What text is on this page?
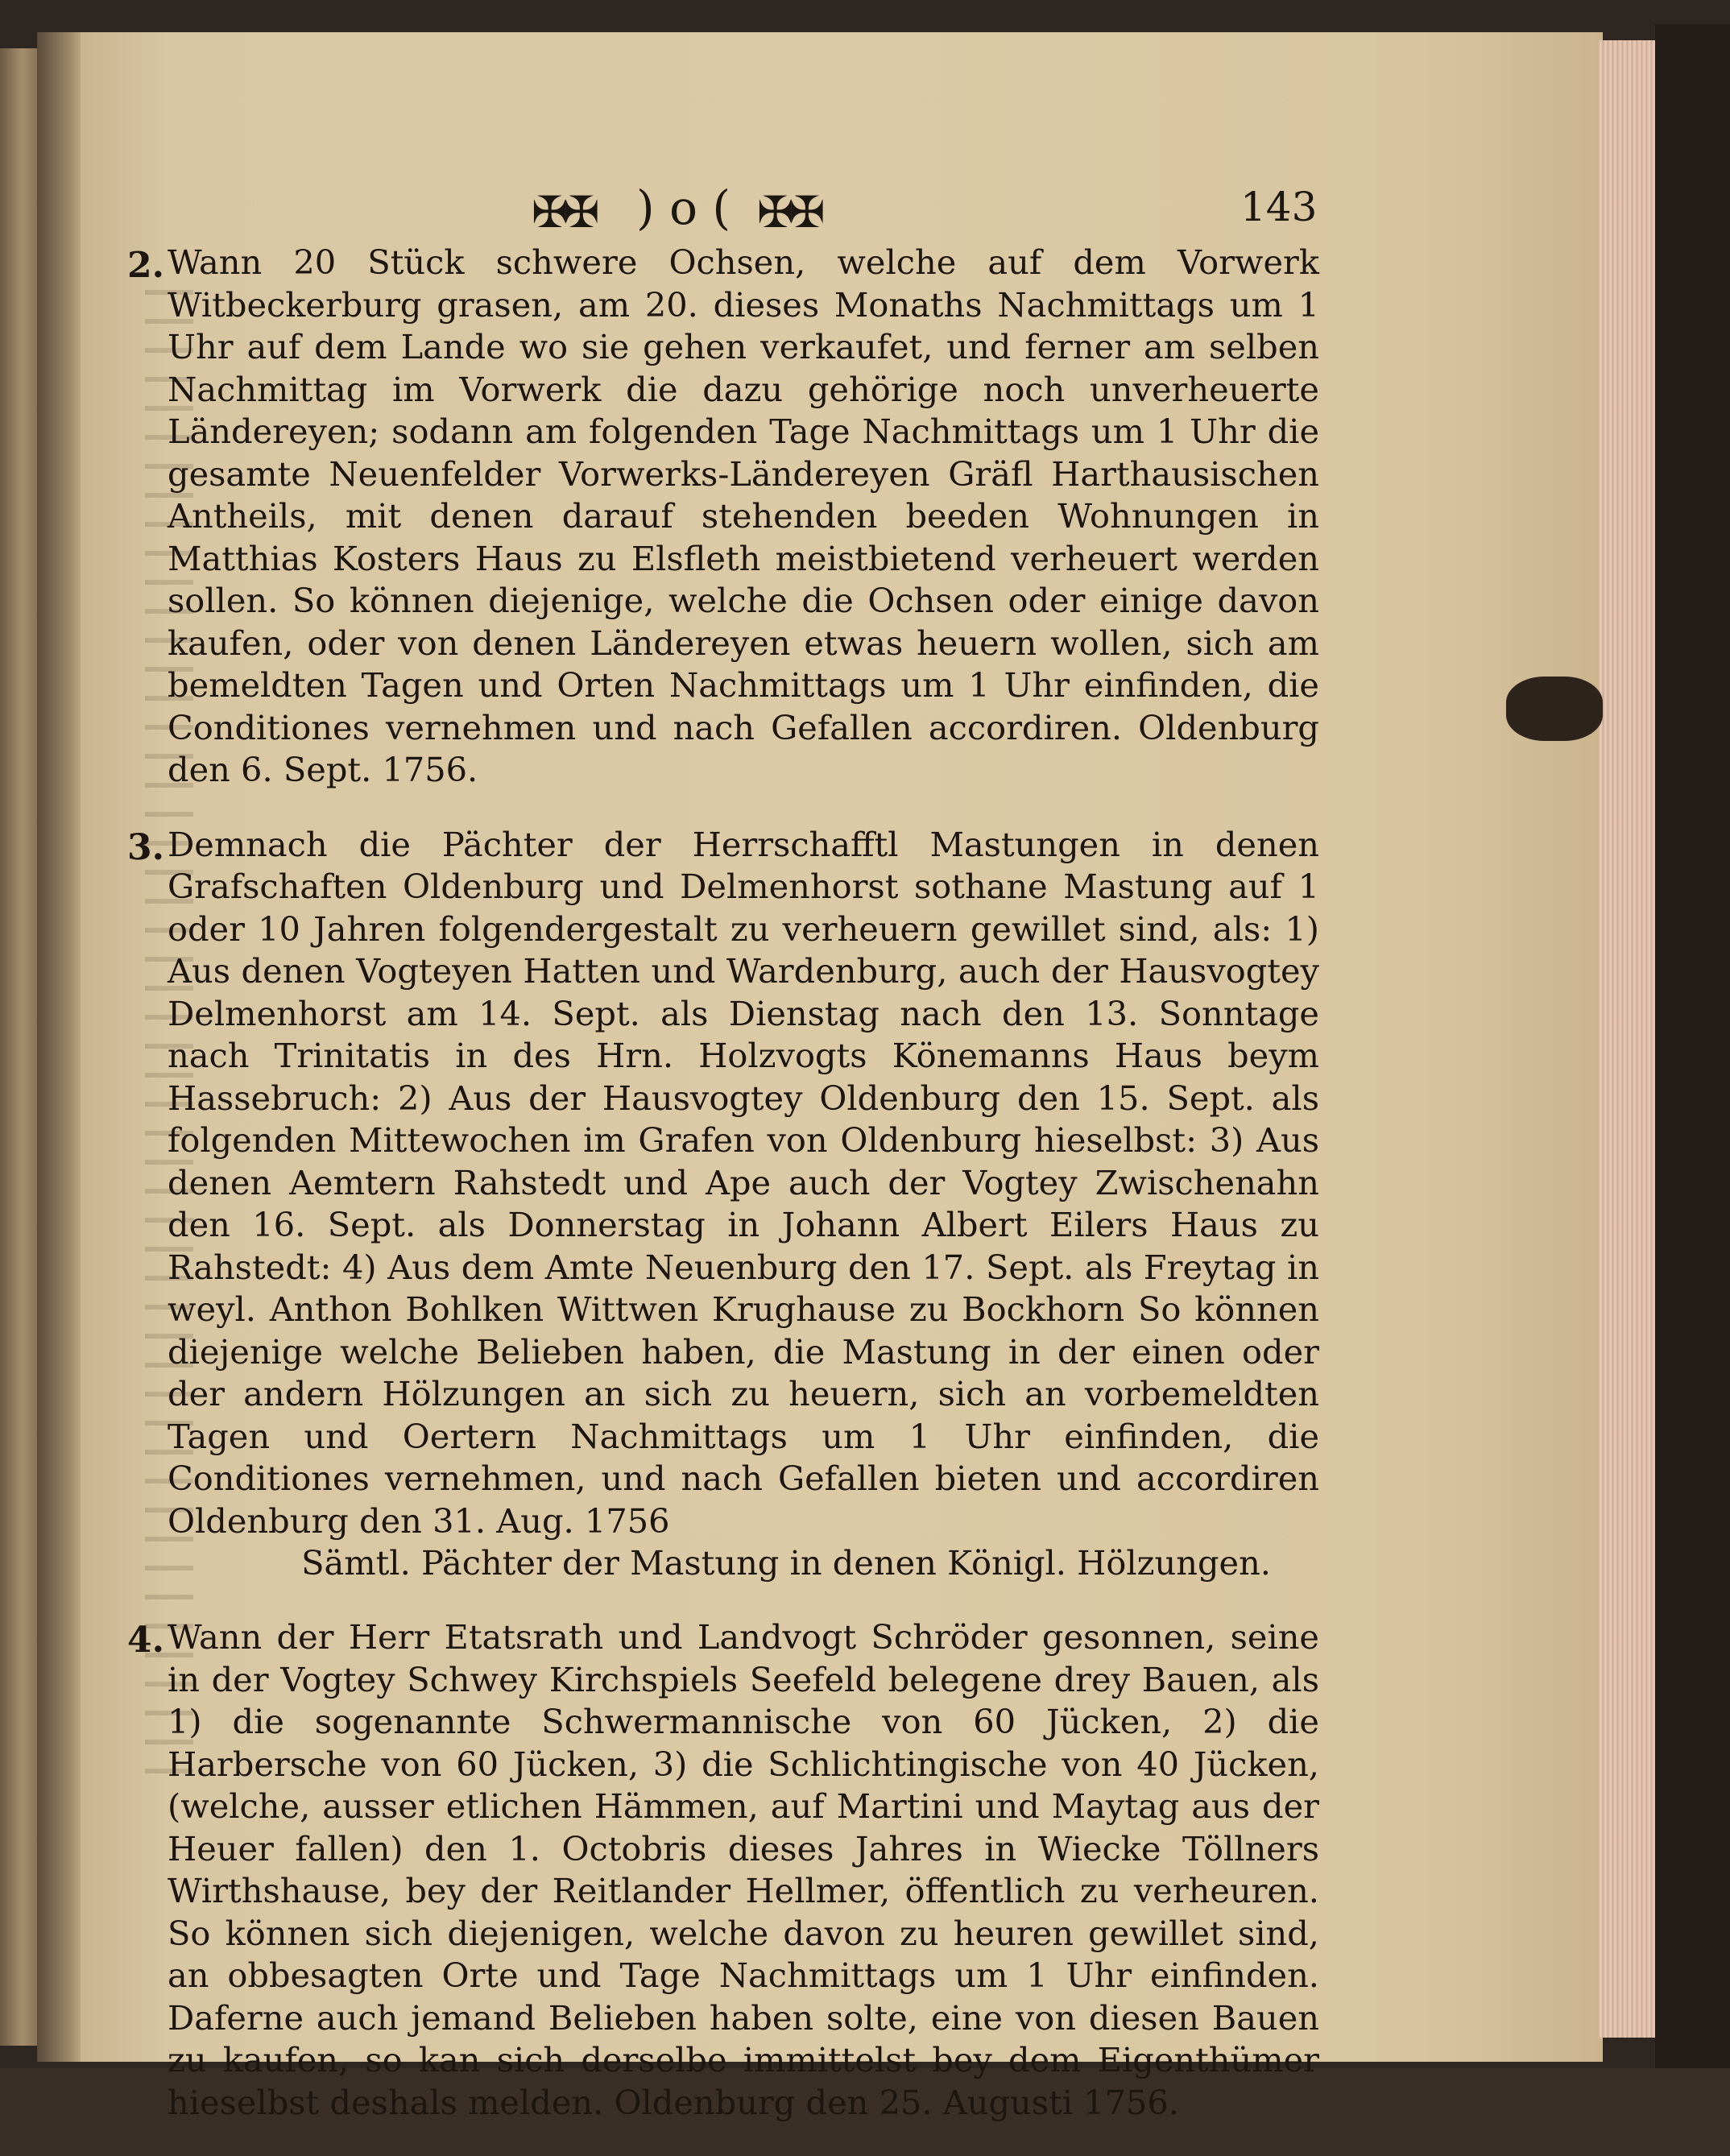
✠✠ ) o ( ✠✠	143
2. Wann 20 Stück schwere Ochsen, welche auf dem Vorwerk Witbeckerburg grasen, am 20. dieses Monaths Nachmittags um 1 Uhr auf dem Lande wo sie gehen verkaufet, und ferner am selben Nachmittag im Vorwerk die dazu gehörige noch unverheuerte Ländereyen; sodann am folgenden Tage Nachmittags um 1 Uhr die gesamte Neuenfelder Vorwerks-Ländereyen Gräfl Harthausischen Antheils, mit denen darauf stehenden beeden Wohnungen in Matthias Kosters Haus zu Elsfleth meistbietend verheuert werden sollen. So können diejenige, welche die Ochsen oder einige davon kaufen, oder von denen Ländereyen etwas heuern wollen, sich am bemeldten Tagen und Orten Nachmittags um 1 Uhr einfinden, die Conditiones vernehmen und nach Gefallen accordiren. Oldenburg den 6. Sept. 1756.
3. Demnach die Pächter der Herrschafftl Mastungen in denen Grafschaften Oldenburg und Delmenhorst sothane Mastung auf 1 oder 10 Jahren folgendergestalt zu verheuern gewillet sind, als: 1) Aus denen Vogteyen Hatten und Wardenburg, auch der Hausvogtey Delmenhorst am 14. Sept. als Dienstag nach den 13. Sonntage nach Trinitatis in des Hrn. Holzvogts Könemanns Haus beym Hassebruch: 2) Aus der Hausvogtey Oldenburg den 15. Sept. als folgenden Mittewochen im Grafen von Oldenburg hieselbst: 3) Aus denen Aemtern Rahstedt und Ape auch der Vogtey Zwischenahn den 16. Sept. als Donnerstag in Johann Albert Eilers Haus zu Rahstedt: 4) Aus dem Amte Neuenburg den 17. Sept. als Freytag in weyl. Anthon Bohlken Wittwen Krughause zu Bockhorn So können diejenige welche Belieben haben, die Mastung in der einen oder der andern Hölzungen an sich zu heuern, sich an vorbemeldten Tagen und Oertern Nachmittags um 1 Uhr einfinden, die Conditiones vernehmen, und nach Gefallen bieten und accordiren Oldenburg den 31. Aug. 1756
Sämtl. Pächter der Mastung in denen Königl. Hölzungen.
4. Wann der Herr Etatsrath und Landvogt Schröder gesonnen, seine in der Vogtey Schwey Kirchspiels Seefeld belegene drey Bauen, als 1) die sogenannte Schwermannische von 60 Jücken, 2) die Harbersche von 60 Jücken, 3) die Schlichtingische von 40 Jücken, (welche, ausser etlichen Hämmen, auf Martini und Maytag aus der Heuer fallen) den 1. Octobris dieses Jahres in Wiecke Töllners Wirthshause, bey der Reitlander Hellmer, öffentlich zu verheuren. So können sich diejenigen, welche davon zu heuren gewillet sind, an obbesagten Orte und Tage Nachmittags um 1 Uhr einfinden. Daferne auch jemand Belieben haben solte, eine von diesen Bauen zu kaufen, so kan sich derselbe immittelst bey dem Eigenthümer hieselbst deshals melden. Oldenburg den 25. Augusti 1756.
